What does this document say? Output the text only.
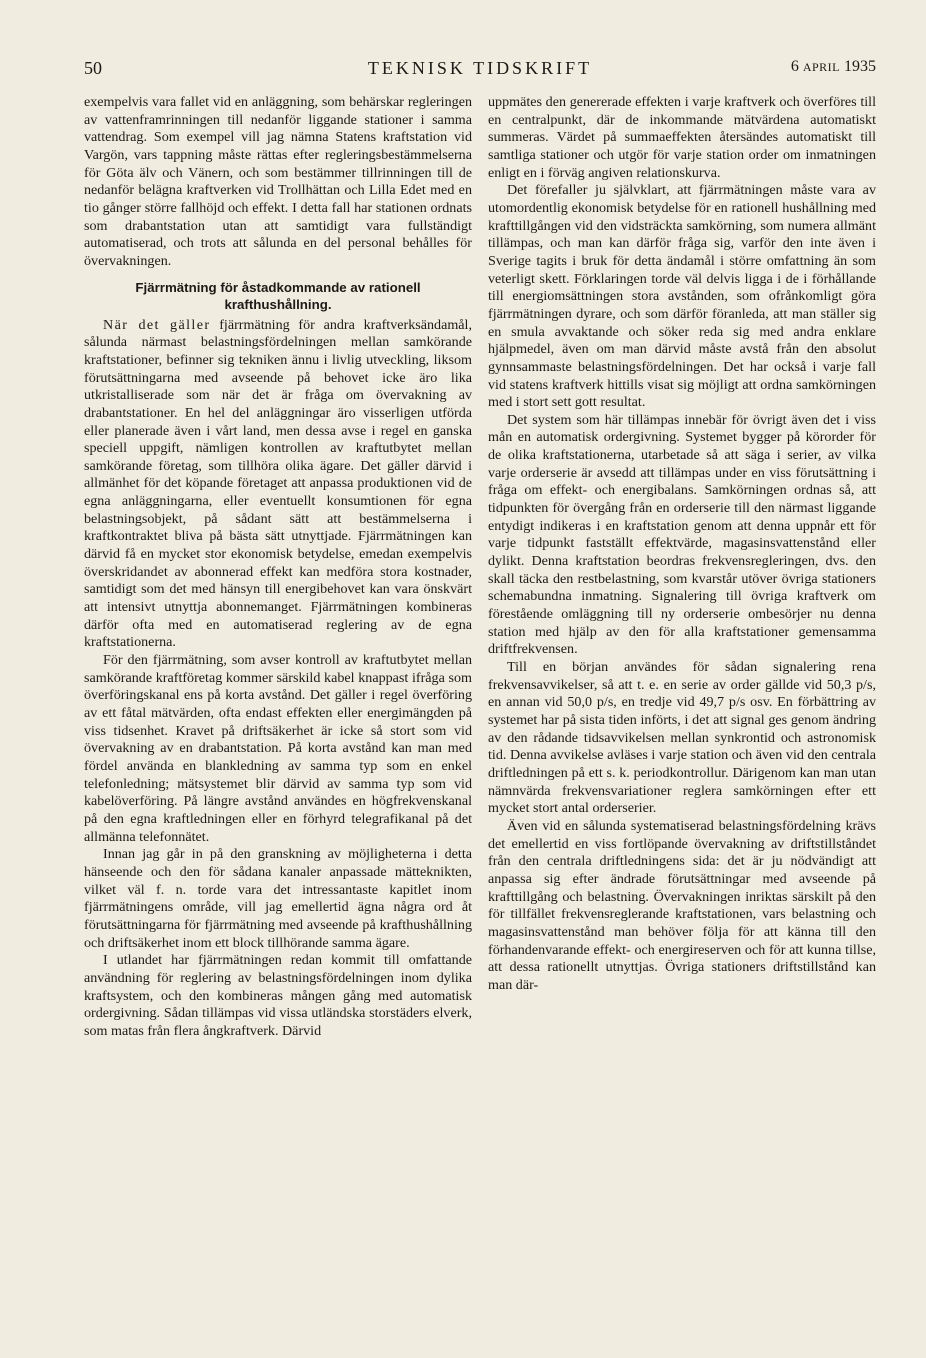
50	TEKNISK TIDSKRIFT	6 APRIL 1935

exempelvis vara fallet vid en anläggning, som behärskar regleringen av vattenframrinningen till nedanför liggande stationer i samma vattendrag. Som exempel vill jag nämna Statens kraftstation vid Vargön, vars tappning måste rättas efter regleringsbestämmelserna för Göta älv och Vänern, och som bestämmer tillrinningen till de nedanför belägna kraftverken vid Trollhättan och Lilla Edet med en tio gånger större fallhöjd och effekt. I detta fall har stationen ordnats som drabantstation utan att samtidigt vara fullständigt automatiserad, och trots att sålunda en del personal behålles för övervakningen.

Fjärrmätning för åstadkommande av rationell krafthushållning.

När det gäller fjärrmätning för andra kraftverksändamål, sålunda närmast belastningsfördelningen mellan samkörande kraftstationer, befinner sig tekniken ännu i livlig utveckling, liksom förutsättningarna med avseende på behovet icke äro lika utkristalliserade som när det är fråga om övervakning av drabantstationer. En hel del anläggningar äro visserligen utförda eller planerade även i vårt land, men dessa avse i regel en ganska speciell uppgift, nämligen kontrollen av kraftutbytet mellan samkörande företag, som tillhöra olika ägare. Det gäller därvid i allmänhet för det köpande företaget att anpassa produktionen vid de egna anläggningarna, eller eventuellt konsumtionen för egna belastningsobjekt, på sådant sätt att bestämmelserna i kraftkontraktet bliva på bästa sätt utnyttjade. Fjärrmätningen kan därvid få en mycket stor ekonomisk betydelse, emedan exempelvis överskridandet av abonnerad effekt kan medföra stora kostnader, samtidigt som det med hänsyn till energibehovet kan vara önskvärt att intensivt utnyttja abonnemanget. Fjärrmätningen kombineras därför ofta med en automatiserad reglering av de egna kraftstationerna.

För den fjärrmätning, som avser kontroll av kraftutbytet mellan samkörande kraftföretag kommer särskild kabel knappast ifråga som överföringskanal ens på korta avstånd. Det gäller i regel överföring av ett fåtal mätvärden, ofta endast effekten eller energimängden på viss tidsenhet. Kravet på driftsäkerhet är icke så stort som vid övervakning av en drabantstation. På korta avstånd kan man med fördel använda en blankledning av samma typ som en enkel telefonledning; mätsystemet blir därvid av samma typ som vid kabelöverföring. På längre avstånd användes en högfrekvenskanal på den egna kraftledningen eller en förhyrd telegrafikanal på det allmänna telefonnätet.

Innan jag går in på den granskning av möjligheterna i detta hänseende och den för sådana kanaler anpassade mätteknikten, vilket väl f. n. torde vara det intressantaste kapitlet inom fjärrmätningens område, vill jag emellertid ägna några ord åt förutsättningarna för fjärrmätning med avseende på krafthushållning och driftsäkerhet inom ett block tillhörande samma ägare.

I utlandet har fjärrmätningen redan kommit till omfattande användning för reglering av belastningsfördelningen inom dylika kraftsystem, och den kombineras mången gång med automatisk ordergivning. Sådan tillämpas vid vissa utländska storstäders elverk, som matas från flera ångkraftverk. Därvid

uppmätes den genererade effekten i varje kraftverk och överföres till en centralpunkt, där de inkommande mätvärdena automatiskt summeras. Värdet på summaeffekten återsändes automatiskt till samtliga stationer och utgör för varje station order om inmatningen enligt en i förväg angiven relationskurva.

Det förefaller ju självklart, att fjärrmätningen måste vara av utomordentlig ekonomisk betydelse för en rationell hushållning med krafttillgången vid den vidsträckta samkörning, som numera allmänt tillämpas, och man kan därför fråga sig, varför den inte även i Sverige tagits i bruk för detta ändamål i större omfattning än som veterligt skett. Förklaringen torde väl delvis ligga i de i förhållande till energiomsättningen stora avstånden, som ofrånkomligt göra fjärrmätningen dyrare, och som därför föranleda, att man ställer sig en smula avvaktande och söker reda sig med andra enklare hjälpmedel, även om man därvid måste avstå från den absolut gynnsammaste belastningsfördelningen. Det har också i varje fall vid statens kraftverk hittills visat sig möjligt att ordna samkörningen med i stort sett gott resultat.

Det system som här tillämpas innebär för övrigt även det i viss mån en automatisk ordergivning. Systemet bygger på körorder för de olika kraftstationerna, utarbetade så att säga i serier, av vilka varje orderserie är avsedd att tillämpas under en viss förutsättning i fråga om effekt- och energibalans. Samkörningen ordnas så, att tidpunkten för övergång från en orderserie till den närmast liggande entydigt indikeras i en kraftstation genom att denna uppnår ett för varje tidpunkt fastställt effektvärde, magasinsvattenstånd eller dylikt. Denna kraftstation beordras frekvensregleringen, dvs. den skall täcka den restbelastning, som kvarstår utöver övriga stationers schemabundna inmatning. Signalering till övriga kraftverk om förestående omläggning till ny orderserie ombesörjer nu denna station med hjälp av den för alla kraftstationer gemensamma driftfrekvensen.

Till en början användes för sådan signalering rena frekvensavvikelser, så att t. e. en serie av order gällde vid 50,3 p/s, en annan vid 50,0 p/s, en tredje vid 49,7 p/s osv. En förbättring av systemet har på sista tiden införts, i det att signal ges genom ändring av den rådande tidsavvikelsen mellan synkrontid och astronomisk tid. Denna avvikelse avläses i varje station och även vid den centrala driftledningen på ett s. k. periodkontrollur. Därigenom kan man utan nämnvärda frekvensvariationer reglera samkörningen efter ett mycket stort antal orderserier.

Även vid en sålunda systematiserad belastningsfördelning krävs det emellertid en viss fortlöpande övervakning av driftstillståndet från den centrala driftledningens sida: det är ju nödvändigt att anpassa sig efter ändrade förutsättningar med avseende på krafttillgång och belastning. Övervakningen inriktas särskilt på den för tillfället frekvensreglerande kraftstationen, vars belastning och magasinsvattenstånd man behöver följa för att känna till den förhandenvarande effekt- och energireserven och för att kunna tillse, att dessa rationellt utnyttjas. Övriga stationers driftstillstånd kan man där-
